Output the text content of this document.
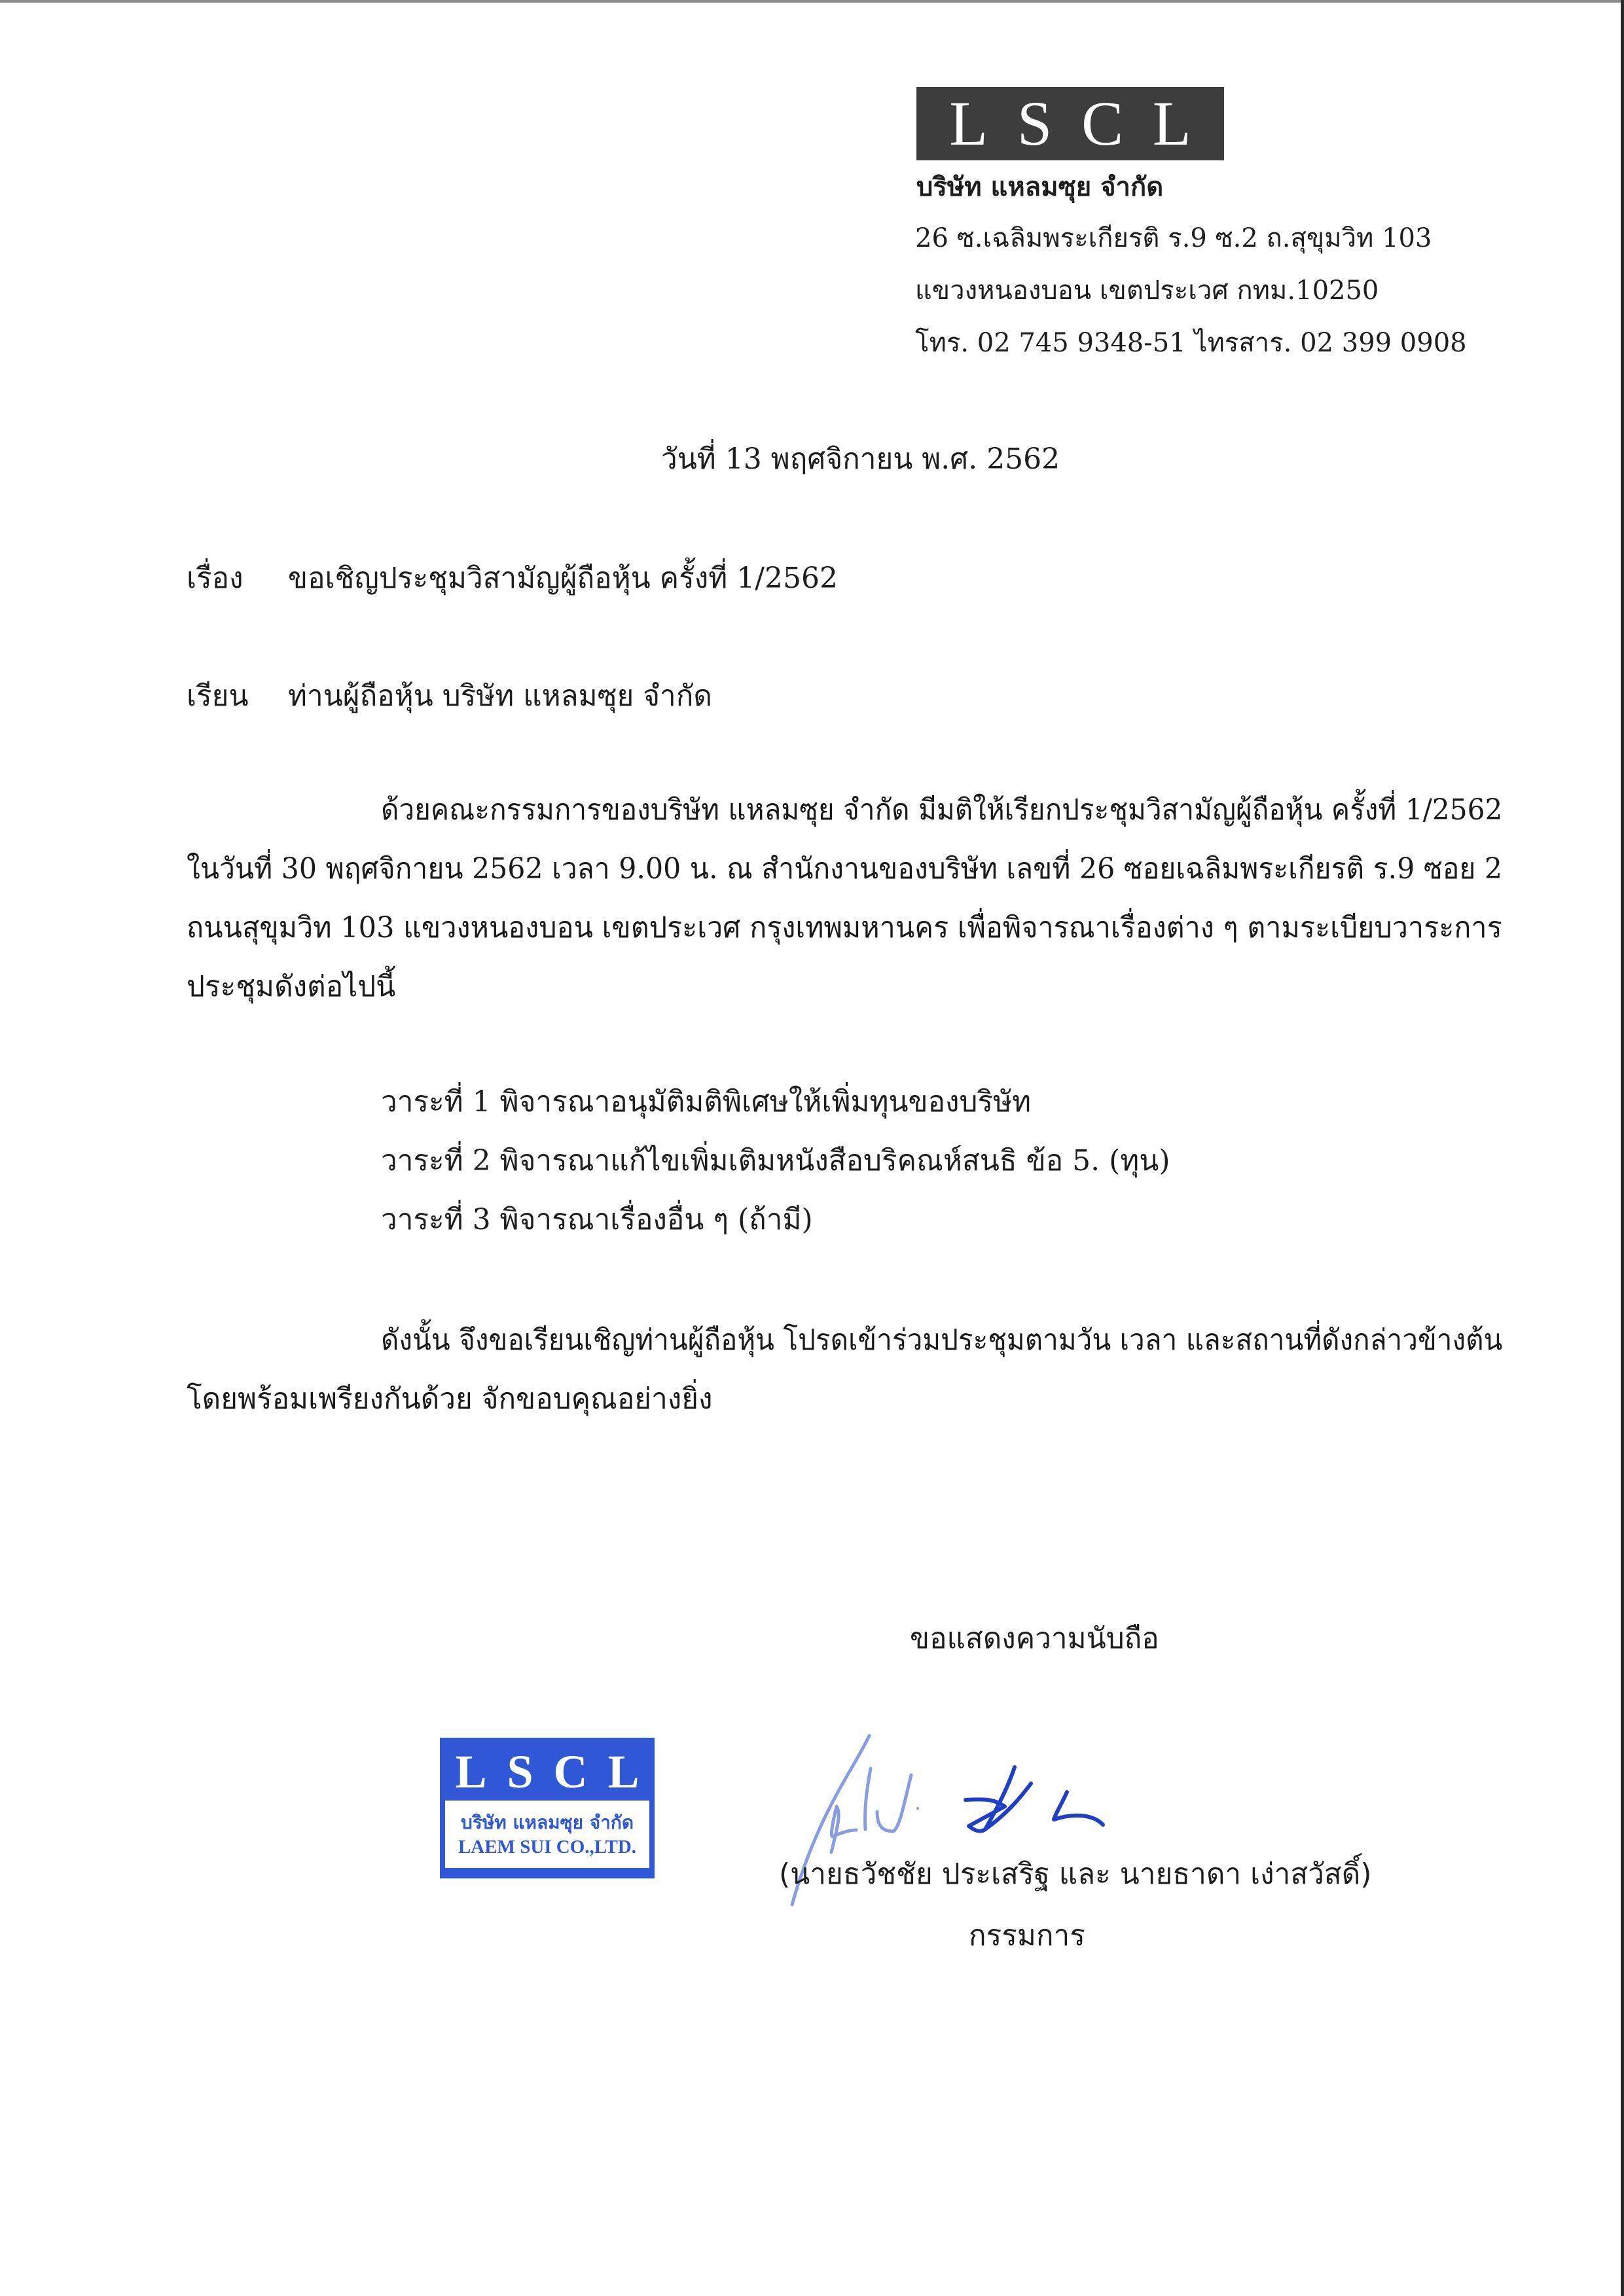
L S C L
บริษัท แหลมซุย จำกัด
26 ซ.เฉลิมพระเกียรติ ร.9 ซ.2 ถ.สุขุมวิท 103
แขวงหนองบอน เขตประเวศ กทม.10250
โทร. 02 745 9348-51 ไทรสาร. 02 399 0908
วันที่ 13 พฤศจิกายน พ.ศ. 2562
เรื่อง ขอเชิญประชุมวิสามัญผู้ถือหุ้น ครั้งที่ 1/2562
เรียน ท่านผู้ถือหุ้น บริษัท แหลมซุย จำกัด
ด้วยคณะกรรมการของบริษัท แหลมซุย จำกัด มีมติให้เรียกประชุมวิสามัญผู้ถือหุ้น ครั้งที่ 1/2562
ในวันที่ 30 พฤศจิกายน 2562 เวลา 9.00 น. ณ สำนักงานของบริษัท เลขที่ 26 ซอยเฉลิมพระเกียรติ ร.9 ซอย 2
ถนนสุขุมวิท 103 แขวงหนองบอน เขตประเวศ กรุงเทพมหานคร เพื่อพิจารณาเรื่องต่าง ๆ ตามระเบียบวาระการ
ประชุมดังต่อไปนี้
วาระที่ 1 พิจารณาอนุมัติมติพิเศษให้เพิ่มทุนของบริษัท
วาระที่ 2 พิจารณาแก้ไขเพิ่มเติมหนังสือบริคณห์สนธิ ข้อ 5. (ทุน)
วาระที่ 3 พิจารณาเรื่องอื่น ๆ (ถ้ามี)
ดังนั้น จึงขอเรียนเชิญท่านผู้ถือหุ้น โปรดเข้าร่วมประชุมตามวัน เวลา และสถานที่ดังกล่าวข้างต้น
โดยพร้อมเพรียงกันด้วย จักขอบคุณอย่างยิ่ง
ขอแสดงความนับถือ
L S C L
บริษัท แหลมซุย จำกัด
LAEM SUI CO.,LTD.
(นายธวัชชัย ประเสริฐ และ นายธาดา เง่าสวัสดิ์)
กรรมการ
